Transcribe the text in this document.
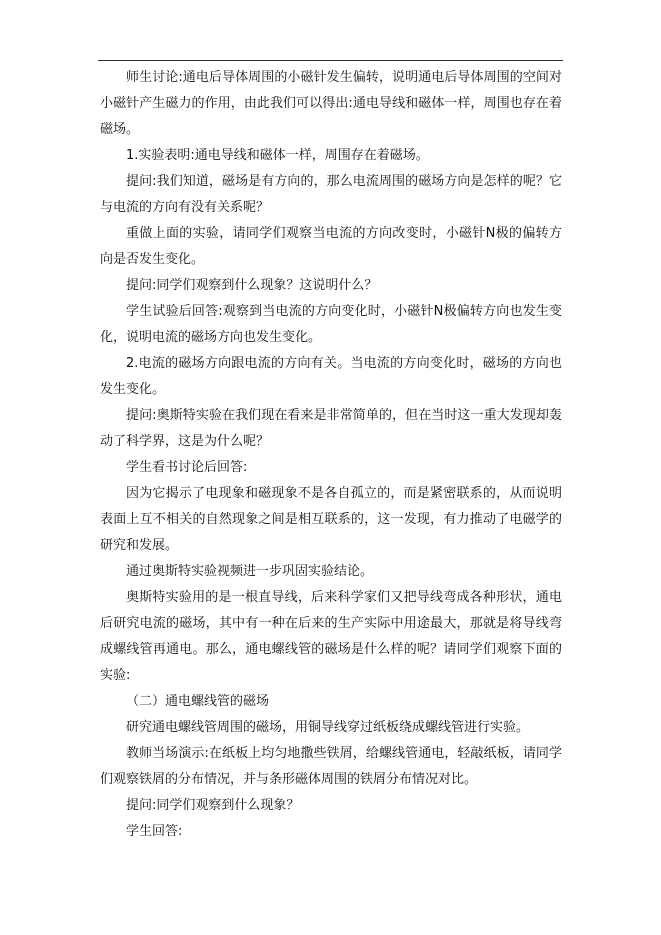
师生讨论:通电后导体周围的小磁针发生偏转，说明通电后导体周围的空间对小磁针产生磁力的作用，由此我们可以得出:通电导线和磁体一样，周围也存在着磁场。

1.实验表明:通电导线和磁体一样，周围存在着磁场。

提问:我们知道，磁场是有方向的，那么电流周围的磁场方向是怎样的呢？它与电流的方向有没有关系呢？

重做上面的实验，请同学们观察当电流的方向改变时，小磁针N极的偏转方向是否发生变化。

提问:同学们观察到什么现象？这说明什么？

学生试验后回答:观察到当电流的方向变化时，小磁针N极偏转方向也发生变化，说明电流的磁场方向也发生变化。

2.电流的磁场方向跟电流的方向有关。当电流的方向变化时，磁场的方向也发生变化。

提问:奥斯特实验在我们现在看来是非常简单的，但在当时这一重大发现却轰动了科学界，这是为什么呢？

学生看书讨论后回答:

因为它揭示了电现象和磁现象不是各自孤立的，而是紧密联系的，从而说明表面上互不相关的自然现象之间是相互联系的，这一发现，有力推动了电磁学的研究和发展。

通过奥斯特实验视频进一步巩固实验结论。

奥斯特实验用的是一根直导线，后来科学家们又把导线弯成各种形状，通电后研究电流的磁场，其中有一种在后来的生产实际中用途最大，那就是将导线弯成螺线管再通电。那么，通电螺线管的磁场是什么样的呢？请同学们观察下面的实验:

（二）通电螺线管的磁场

研究通电螺线管周围的磁场，用铜导线穿过纸板绕成螺线管进行实验。

教师当场演示:在纸板上均匀地撒些铁屑，给螺线管通电，轻敲纸板，请同学们观察铁屑的分布情况，并与条形磁体周围的铁屑分布情况对比。

提问:同学们观察到什么现象？

学生回答:
